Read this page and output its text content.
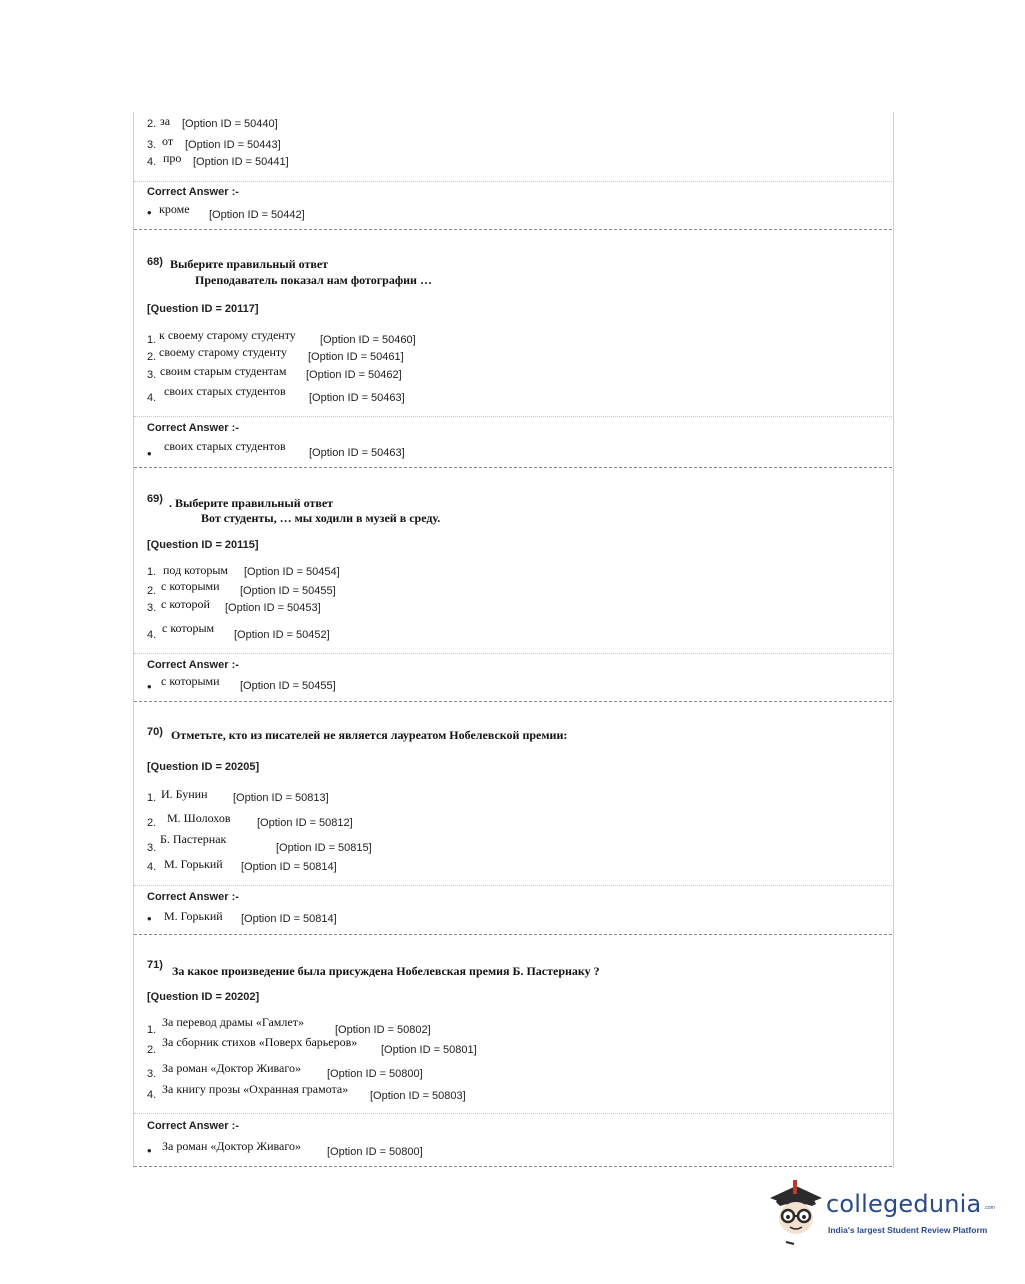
2. за [Option ID = 50440]
3. от [Option ID = 50443]
4. про [Option ID = 50441]
Correct Answer :-
• кроме [Option ID = 50442]
68) Выберите правильный ответ
Преподаватель показал нам фотографии …
[Question ID = 20117]
1. к своему старому студенту [Option ID = 50460]
2. своему старому студенту [Option ID = 50461]
3. своим старым студентам [Option ID = 50462]
4. своих старых студентов [Option ID = 50463]
Correct Answer :-
• своих старых студентов [Option ID = 50463]
69) . Выберите правильный ответ
Вот студенты, … мы ходили в музей в среду.
[Question ID = 20115]
1. под которым [Option ID = 50454]
2. с которыми [Option ID = 50455]
3. с которой [Option ID = 50453]
4. с которым [Option ID = 50452]
Correct Answer :-
• с которыми [Option ID = 50455]
70) Отметьте, кто из писателей не является лауреатом Нобелевской премии:
[Question ID = 20205]
1. И. Бунин [Option ID = 50813]
2. М. Шолохов [Option ID = 50812]
3.
Б. Пастернак
[Option ID = 50815]
4. М. Горький [Option ID = 50814]
Correct Answer :-
• М. Горький [Option ID = 50814]
71) За какое произведение была присуждена Нобелевская премия Б. Пастернаку ?
[Question ID = 20202]
1.
За перевод драмы «Гамлет»
[Option ID = 50802]
2.
За сборник стихов «Поверх барьеров»
[Option ID = 50801]
3. За роман «Доктор Живаго» [Option ID = 50800]
4. За книгу прозы «Охранная грамота» [Option ID = 50803]
Correct Answer :-
• За роман «Доктор Живаго» [Option ID = 50800]
collegedunia .com
India's largest Student Review Platform
